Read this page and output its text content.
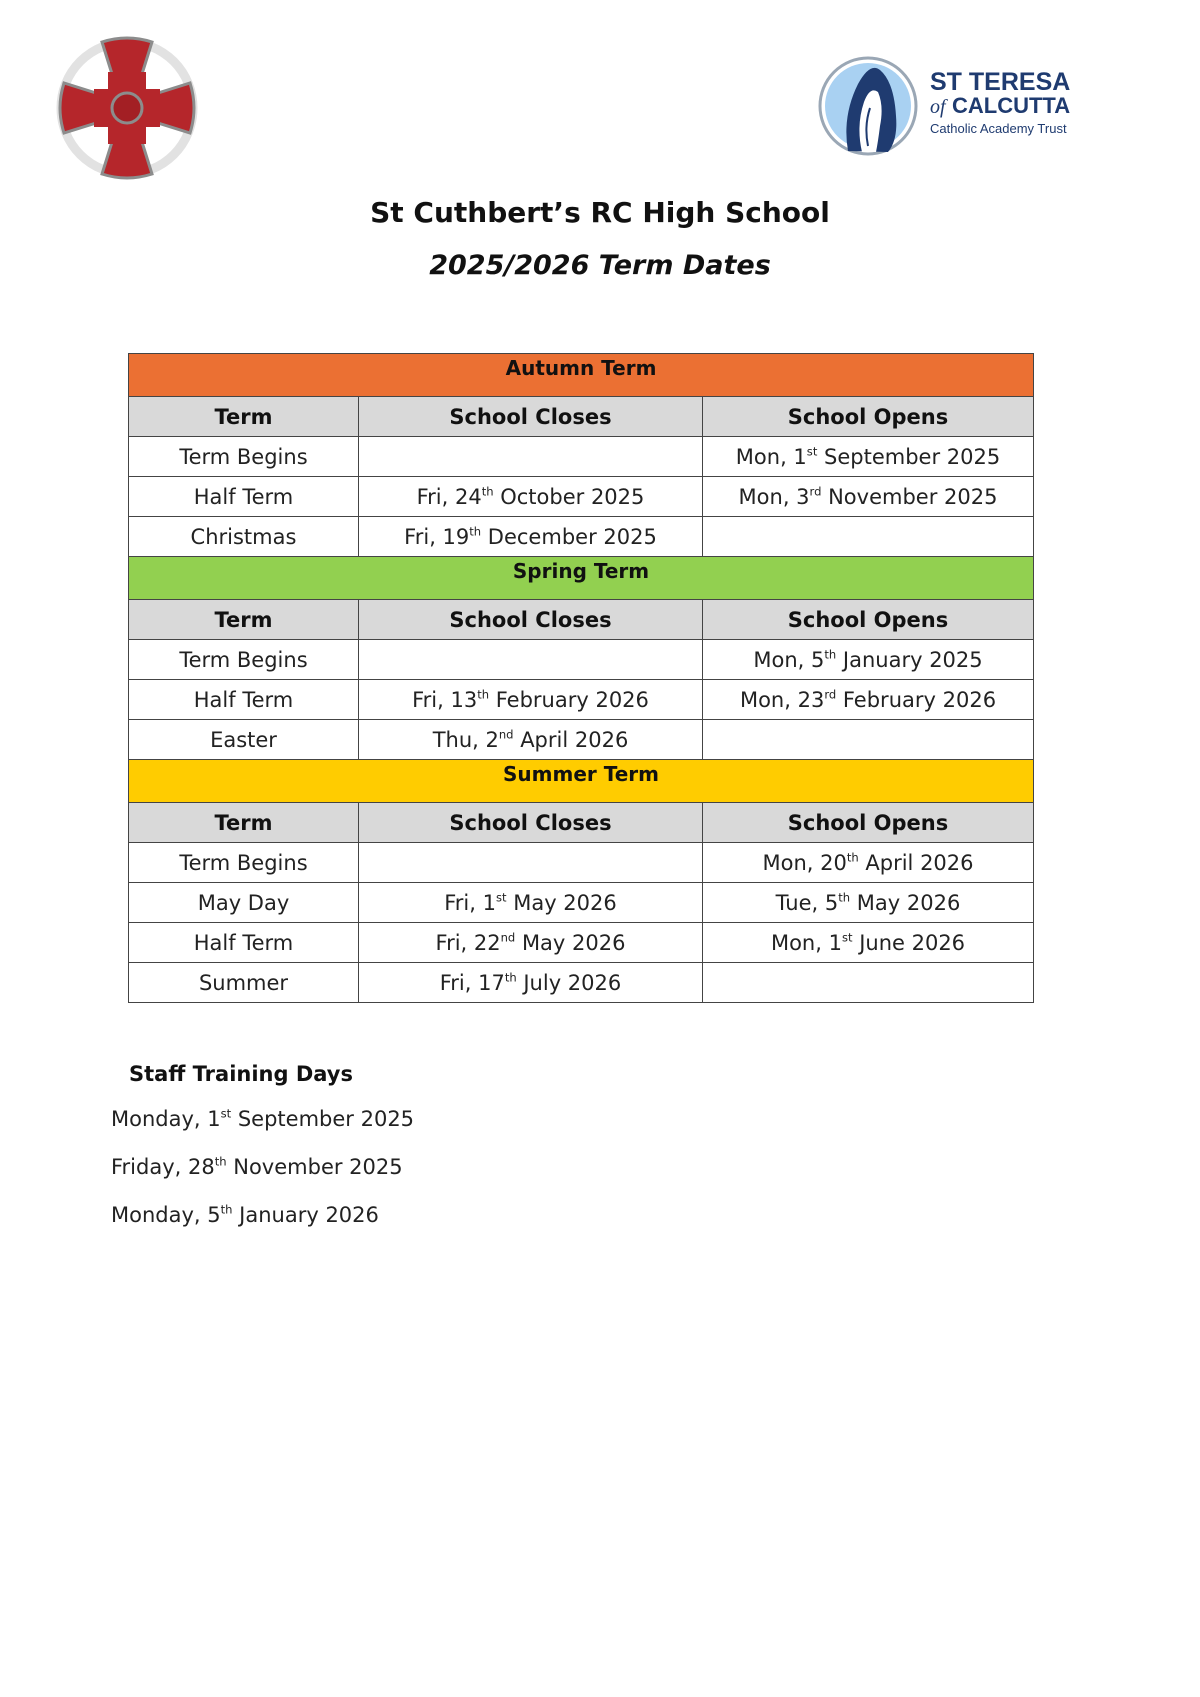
ST TERESA
of CALCUTTA
Catholic Academy Trust
St Cuthbert’s RC High School
2025/2026 Term Dates
Autumn Term		
Term	School Closes	School Opens
Term Begins		Mon, 1st September 2025
Half Term	Fri, 24th October 2025	Mon, 3rd November 2025
Christmas	Fri, 19th December 2025	
Spring Term		
Term	School Closes	School Opens
Term Begins		Mon, 5th January 2025
Half Term	Fri, 13th February 2026	Mon, 23rd February 2026
Easter	Thu, 2nd April 2026	
Summer Term		
Term	School Closes	School Opens
Term Begins		Mon, 20th April 2026
May Day	Fri, 1st May 2026	Tue, 5th May 2026
Half Term	Fri, 22nd May 2026	Mon, 1st June 2026
Summer	Fri, 17th July 2026	
Staff Training Days
Monday, 1st September 2025
Friday, 28th November 2025
Monday, 5th January 2026
